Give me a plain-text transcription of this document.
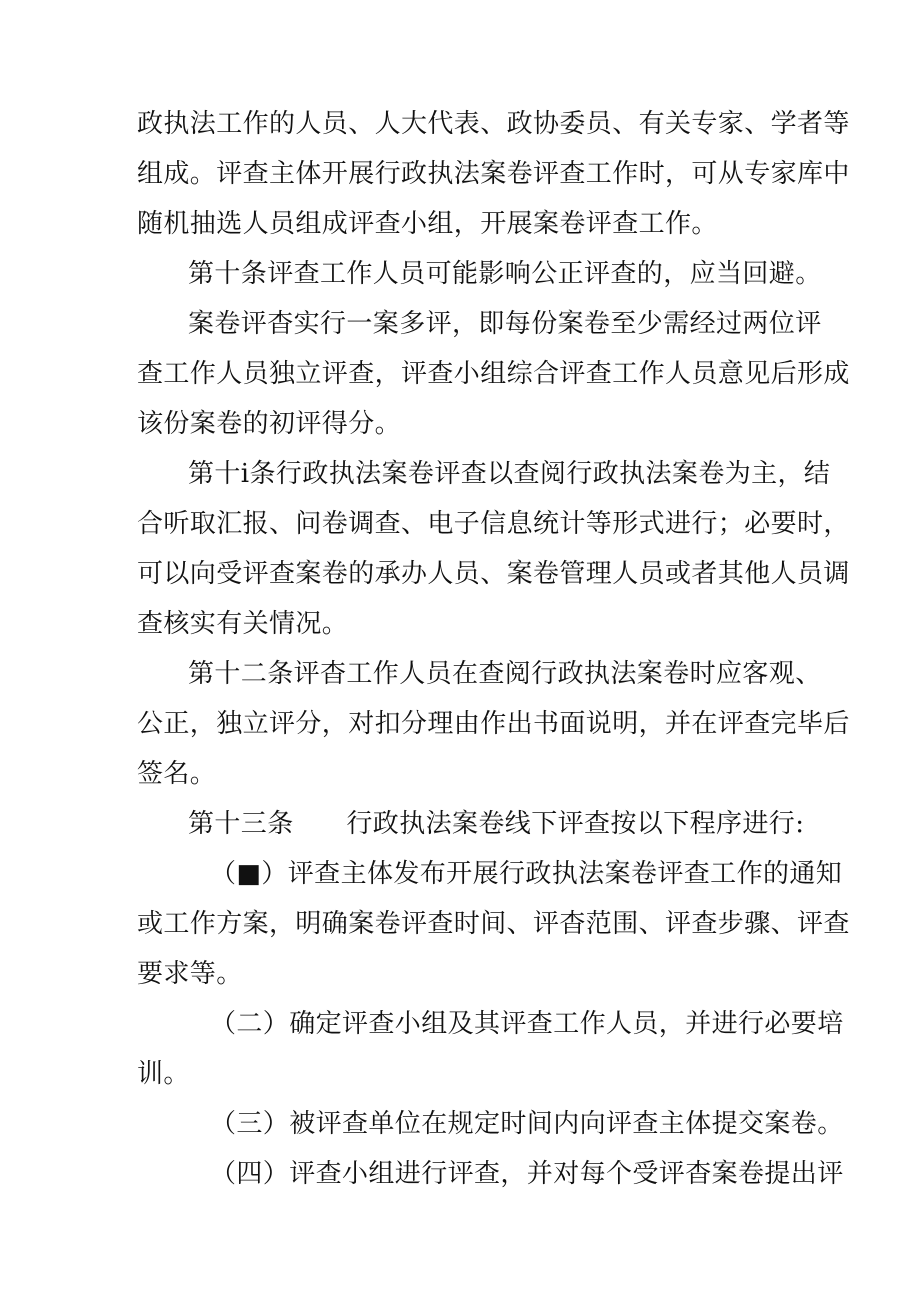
政执法工作的人员、人大代表、政协委员、有关专家、学者等
组成。评查主体开展行政执法案卷评查工作时，可从专家库中
随机抽选人员组成评查小组，开展案卷评查工作。
第十条评查工作人员可能影响公正评查的，应当回避。
案卷评杳实行一案多评，即每份案卷至少需经过两位评
查工作人员独立评查，评查小组综合评查工作人员意见后形成
该份案卷的初评得分。
第十i条行政执法案卷评查以查阅行政执法案卷为主，结
合听取汇报、问卷调查、电子信息统计等形式进行；必要时，
可以向受评查案卷的承办人员、案卷管理人员或者其他人员调
查核实有关情况。
第十二条评杳工作人员在查阅行政执法案卷时应客观、
公正，独立评分，对扣分理由作出书面说明，并在评查完毕后
签名。
第十三条　　行政执法案卷线下评查按以下程序进行:
（■）评查主体发布开展行政执法案卷评查工作的通知
或工作方案，明确案卷评查时间、评杳范围、评查步骤、评查
要求等。
（二）确定评查小组及其评查工作人员，并进行必要培
训。
（三）被评查单位在规定时间内向评查主体提交案卷。
（四）评查小组进行评查，并对每个受评杳案卷提出评
